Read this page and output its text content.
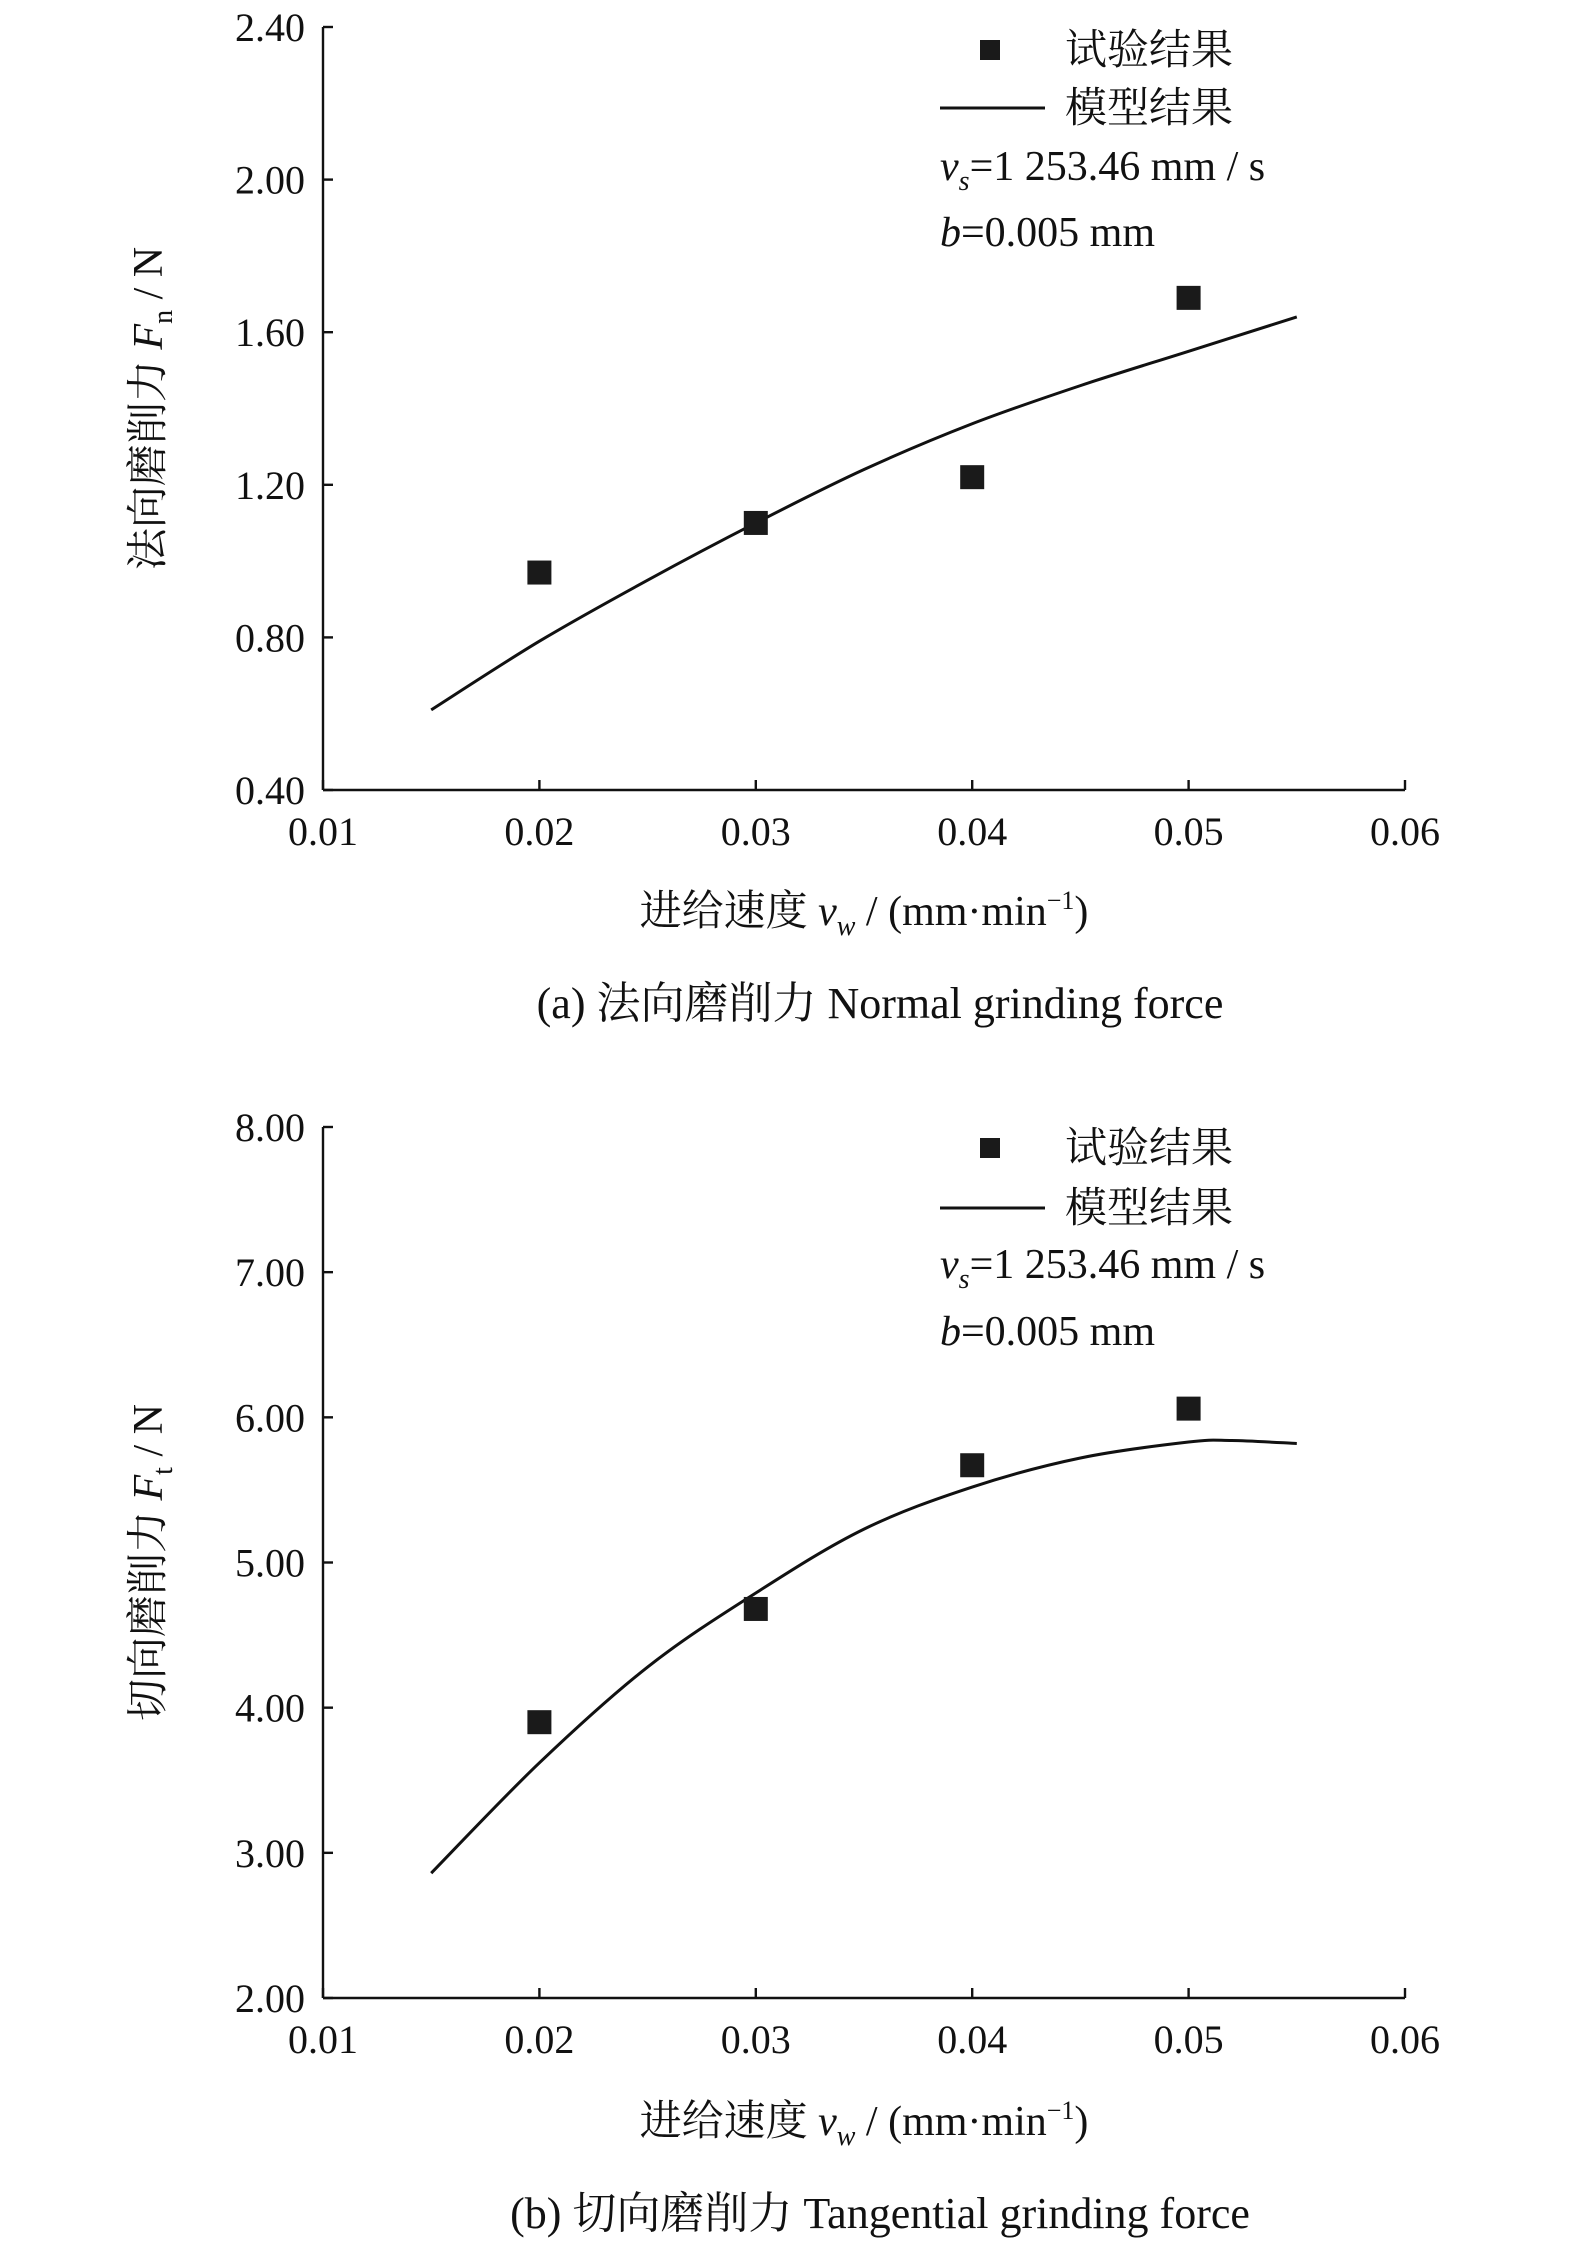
0.01	0.02	0.03	0.04	0.05	0.06
0.40
0.80
1.20
1.60
2.00
2.40
试验结果
模型结果
$v_s=1$ 253.46 mm / s
b=0.005 mm
进给速度 $v_w / (mm\cdot\min^{-1})$
法向磨削力 $F_n$ / N
(a) 法向磨削力 Normal grinding force
0.01	0.02	0.03	0.04	0.05	0.06
2.00
3.00
4.00
5.00
6.00
7.00
8.00	试验结果
模型结果
$v_s=1$ 253.46 mm / s
b=0.005 mm
进给速度 $v_w / (mm\cdot\min^{-1})$
切向磨削力 $F_t$ / N
(b) 切向磨削力 Tangential grinding force
